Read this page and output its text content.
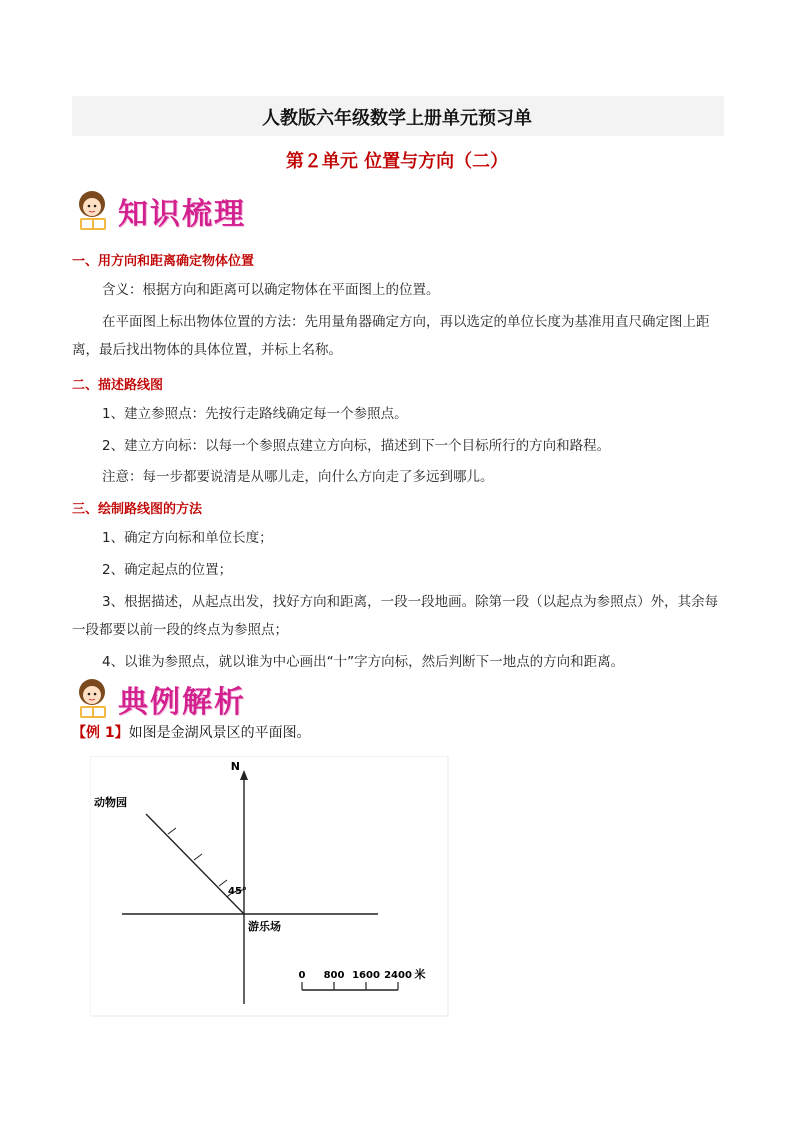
人教版六年级数学上册单元预习单
第２单元 位置与方向（二）
知识梳理
一、用方向和距离确定物体位置
含义：根据方向和距离可以确定物体在平面图上的位置。
在平面图上标出物体位置的方法：先用量角器确定方向，再以选定的单位长度为基准用直尺确定图上距离，最后找出物体的具体位置，并标上名称。
二、描述路线图
1、建立参照点：先按行走路线确定每一个参照点。
2、建立方向标：以每一个参照点建立方向标，描述到下一个目标所行的方向和路程。
注意：每一步都要说清是从哪儿走，向什么方向走了多远到哪儿。
三、绘制路线图的方法
1、确定方向标和单位长度；
2、确定起点的位置；
3、根据描述，从起点出发，找好方向和距离，一段一段地画。除第一段（以起点为参照点）外，其余每一段都要以前一段的终点为参照点；
4、以谁为参照点，就以谁为中心画出“十”字方向标，然后判断下一地点的方向和距离。
典例解析
【例 1】如图是金湖风景区的平面图。
45°
N
动物园
游乐场
0 800 1600 2400 米
